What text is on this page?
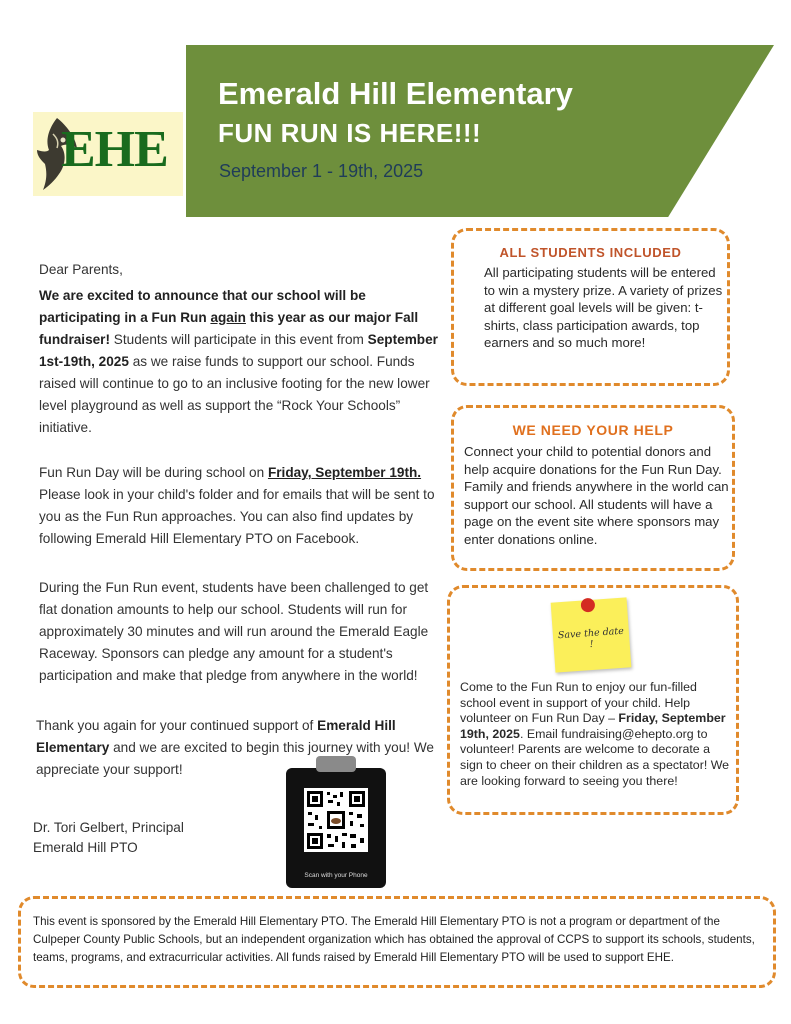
Emerald Hill Elementary
FUN RUN IS HERE!!!
September 1 - 19th, 2025
EHE
Dear Parents,
We are excited to announce that our school will be participating in a Fun Run again this year as our major Fall fundraiser! Students will participate in this event from September 1st-19th, 2025 as we raise funds to support our school. Funds raised will continue to go to an inclusive footing for the new lower level playground as well as support the “Rock Your Schools” initiative.
Fun Run Day will be during school on Friday, September 19th. Please look in your child's folder and for emails that will be sent to you as the Fun Run approaches. You can also find updates by following Emerald Hill Elementary PTO on Facebook.
During the Fun Run event, students have been challenged to get flat donation amounts to help our school. Students will run for approximately 30 minutes and will run around the Emerald Eagle Raceway. Sponsors can pledge any amount for a student's participation and make that pledge from anywhere in the world!
Thank you again for your continued support of Emerald Hill Elementary and we are excited to begin this journey with you! We appreciate your support!
Dr. Tori Gelbert, Principal
Emerald Hill PTO
ALL STUDENTS INCLUDED
All participating students will be entered to win a mystery prize. A variety of prizes at different goal levels will be given: t-shirts, class participation awards, top earners and so much more!
WE NEED YOUR HELP
Connect your child to potential donors and help acquire donations for the Fun Run Day. Family and friends anywhere in the world can support our school. All students will have a page on the event site where sponsors may enter donations online.
Save the date !
Come to the Fun Run to enjoy our fun-filled school event in support of your child. Help volunteer on Fun Run Day – Friday, September 19th, 2025. Email fundraising@ehepto.org to volunteer! Parents are welcome to decorate a sign to cheer on their children as a spectator! We are looking forward to seeing you there!
Scan with your Phone
This event is sponsored by the Emerald Hill Elementary PTO. The Emerald Hill Elementary PTO is not a program or department of the Culpeper County Public Schools, but an independent organization which has obtained the approval of CCPS to support its schools, students, teams, programs, and extracurricular activities. All funds raised by Emerald Hill Elementary PTO will be used to support EHE.
